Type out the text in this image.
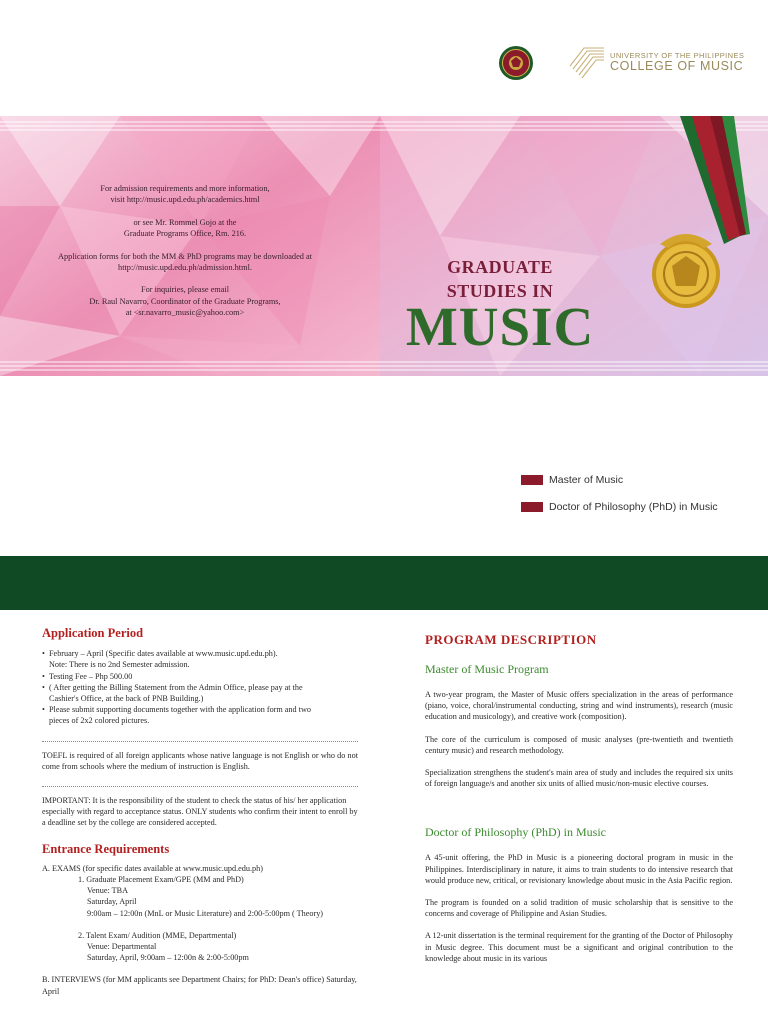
UNIVERSITY OF THE PHILIPPINES
COLLEGE OF MUSIC

For admission requirements and more information,
visit http://music.upd.edu.ph/academics.html

or see Mr. Rommel Gojo at the
Graduate Programs Office, Rm. 216.

Application forms for both the MM & PhD programs may be downloaded at
http://music.upd.edu.ph/admission.html.

For inquiries, please email
Dr. Raul Navarro, Coordinator of the Graduate Programs,
at <sr.navarro_music@yahoo.com>

GRADUATE
STUDIES IN
MUSIC
Master of Music
Doctor of Philosophy (PhD) in Music
Application Period
• February – April (Specific dates available at www.music.upd.edu.ph).
Note: There is no 2nd Semester admission.
• Testing Fee – Php 500.00
• ( After getting the Billing Statement from the Admin Office, please pay at the
Cashier's Office, at the back of PNB Building.)
• Please submit supporting documents together with the application form and two
pieces of 2x2 colored pictures.

TOEFL is required of all foreign applicants whose native language is not English or who do not come from schools where the medium of instruction is English.

IMPORTANT: It is the responsibility of the student to check the status of his/ her application especially with regard to acceptance status. ONLY students who confirm their intent to enroll by a deadline set by the college are considered accepted.

Entrance Requirements

A. EXAMS (for specific dates available at www.music.upd.edu.ph)

1. Graduate Placement Exam/GPE (MM and PhD)
Venue: TBA
Saturday, April
9:00am – 12:00n (MnL or Music Literature) and 2:00-5:00pm ( Theory)
2. Talent Exam/ Audition (MME, Departmental)
Venue: Departmental
Saturday, April, 9:00am – 12:00n & 2:00-5:00pm

B. INTERVIEWS (for MM applicants see Department Chairs; for PhD: Dean's office) Saturday, April

PROGRAM DESCRIPTION
Master of Music Program

A two-year program, the Master of Music offers specialization in the areas of performance (piano, voice, choral/instrumental conducting, string and wind instruments), research (music education and musicology), and creative work (composition).

The core of the curriculum is composed of music analyses (pre-twentieth and twentieth century music) and research methodology.

Specialization strengthens the student's main area of study and includes the required six units of foreign language/s and another six units of allied music/non-music elective courses.

Doctor of Philosophy (PhD) in Music

A 45-unit offering, the PhD in Music is a pioneering doctoral program in music in the Philippines. Interdisciplinary in nature, it aims to train students to do intensive research that would produce new, critical, or revisionary knowledge about music in the Asia Pacific region.

The program is founded on a solid tradition of music scholarship that is sensitive to the concerns and coverage of Philippine and Asian Studies.

A 12-unit dissertation is the terminal requirement for the granting of the Doctor of Philosophy in Music degree. This document must be a significant and original contribution to the knowledge about music in its various
